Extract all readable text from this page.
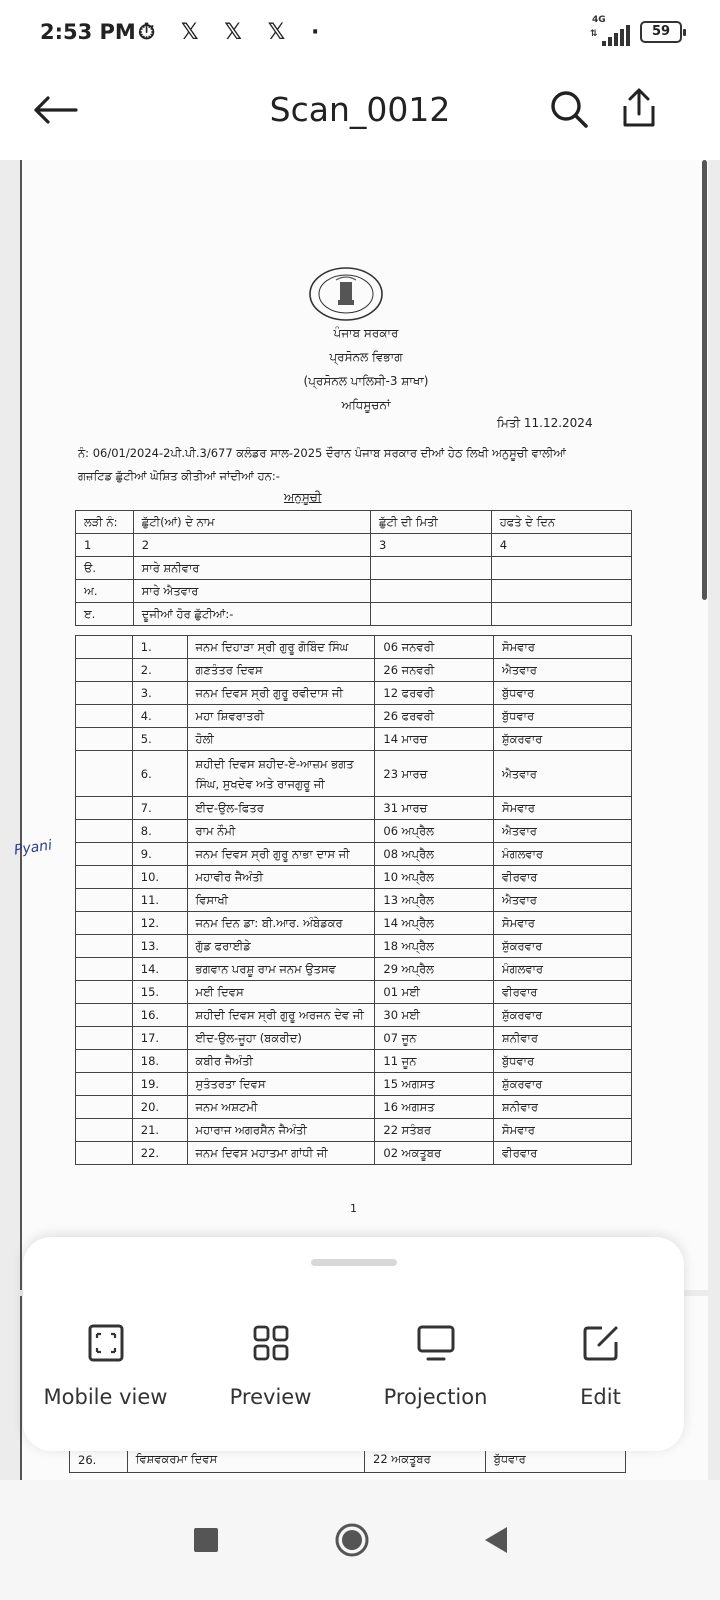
2:53 PM ⏱ 𝕏 𝕏 𝕏 ·	4G
⇅	59
Scan_0012
ਪੰਜਾਬ ਸਰਕਾਰ
ਪ੍ਰਸੋਨਲ ਵਿਭਾਗ
(ਪ੍ਰਸੋਨਲ ਪਾਲਿਸੀ-3 ਸ਼ਾਖਾ)
ਅਧਿਸੂਚਨਾਂ
ਮਿਤੀ 11.12.2024
ਨੰ: 06/01/2024-2ਪੀ.ਪੀ.3/677 ਕਲੰਡਰ ਸਾਲ-2025 ਦੌਰਾਨ ਪੰਜਾਬ ਸਰਕਾਰ ਦੀਆਂ ਹੇਠ ਲਿਖੀ ਅਨੁਸੂਚੀ ਵਾਲੀਆਂ
ਗਜ਼ਟਿਡ ਛੁੱਟੀਆਂ ਘੋਸ਼ਿਤ ਕੀਤੀਆਂ ਜਾਂਦੀਆਂ ਹਨ:-
ਅਨੁਸੂਚੀ
ਲੜੀ ਨੰ:	ਛੁੱਟੀ(ਆਂ) ਦੇ ਨਾਮ	ਛੁੱਟੀ ਦੀ ਮਿਤੀ	ਹਫਤੇ ਦੇ ਦਿਨ
1	2	3	4
ੳ.	ਸਾਰੇ ਸ਼ਨੀਵਾਰ		
ਅ.	ਸਾਰੇ ਐਤਵਾਰ		
ੲ.	ਦੂਜੀਆਂ ਹੋਰ ਛੁੱਟੀਆਂ:-		
	1.	ਜਨਮ ਦਿਹਾੜਾ ਸ੍ਰੀ ਗੁਰੂ ਗੋਬਿੰਦ ਸਿੰਘ	06 ਜਨਵਰੀ	ਸੋਮਵਾਰ
	2.	ਗਣਤੰਤਰ ਦਿਵਸ	26 ਜਨਵਰੀ	ਐਤਵਾਰ
	3.	ਜਨਮ ਦਿਵਸ ਸ੍ਰੀ ਗੁਰੂ ਰਵੀਦਾਸ ਜੀ	12 ਫਰਵਰੀ	ਬੁੱਧਵਾਰ
	4.	ਮਹਾ ਸ਼ਿਵਰਾਤਰੀ	26 ਫਰਵਰੀ	ਬੁੱਧਵਾਰ
	5.	ਹੋਲੀ	14 ਮਾਰਚ	ਸ਼ੁੱਕਰਵਾਰ
	6.	ਸ਼ਹੀਦੀ ਦਿਵਸ ਸ਼ਹੀਦ-ਏ-ਆਜ਼ਮ ਭਗਤ ਸਿੰਘ, ਸੁਖਦੇਵ ਅਤੇ ਰਾਜਗੁਰੂ ਜੀ	23 ਮਾਰਚ	ਐਤਵਾਰ
	7.	ਈਦ-ਉਲ-ਫਿਤਰ	31 ਮਾਰਚ	ਸੋਮਵਾਰ
	8.	ਰਾਮ ਨੌਮੀ	06 ਅਪ੍ਰੈਲ	ਐਤਵਾਰ
	9.	ਜਨਮ ਦਿਵਸ ਸ੍ਰੀ ਗੁਰੂ ਨਾਭਾ ਦਾਸ ਜੀ	08 ਅਪ੍ਰੈਲ	ਮੰਗਲਵਾਰ
	10.	ਮਹਾਵੀਰ ਜੈਅੰਤੀ	10 ਅਪ੍ਰੈਲ	ਵੀਰਵਾਰ
	11.	ਵਿਸਾਖੀ	13 ਅਪ੍ਰੈਲ	ਐਤਵਾਰ
	12.	ਜਨਮ ਦਿਨ ਡਾ: ਬੀ.ਆਰ. ਅੰਬੇਡਕਰ	14 ਅਪ੍ਰੈਲ	ਸੋਮਵਾਰ
	13.	ਗੁੱਡ ਫਰਾਈਡੇ	18 ਅਪ੍ਰੈਲ	ਸ਼ੁੱਕਰਵਾਰ
	14.	ਭਗਵਾਨ ਪਰਸ਼ੂ ਰਾਮ ਜਨਮ ਉਤਸਵ	29 ਅਪ੍ਰੈਲ	ਮੰਗਲਵਾਰ
	15.	ਮਈ ਦਿਵਸ	01 ਮਈ	ਵੀਰਵਾਰ
	16.	ਸ਼ਹੀਦੀ ਦਿਵਸ ਸ੍ਰੀ ਗੁਰੂ ਅਰਜਨ ਦੇਵ ਜੀ	30 ਮਈ	ਸ਼ੁੱਕਰਵਾਰ
	17.	ਈਦ-ਉਲ-ਜੂਹਾ (ਬਕਰੀਦ)	07 ਜੂਨ	ਸ਼ਨੀਵਾਰ
	18.	ਕਬੀਰ ਜੈਅੰਤੀ	11 ਜੂਨ	ਬੁੱਧਵਾਰ
	19.	ਸੁਤੰਤਰਤਾ ਦਿਵਸ	15 ਅਗਸਤ	ਸ਼ੁੱਕਰਵਾਰ
	20.	ਜਨਮ ਅਸ਼ਟਮੀ	16 ਅਗਸਤ	ਸ਼ਨੀਵਾਰ
	21.	ਮਹਾਰਾਜ ਅਗਰਸੈਨ ਜੈਅੰਤੀ	22 ਸਤੰਬਰ	ਸੋਮਵਾਰ
	22.	ਜਨਮ ਦਿਵਸ ਮਹਾਤਮਾ ਗਾਂਧੀ ਜੀ	02 ਅਕਤੂਬਰ	ਵੀਰਵਾਰ
Pyani
1
26.	ਵਿਸ਼ਵਕਰਮਾ ਦਿਵਸ	22 ਅਕਤੂਬਰ	ਬੁੱਧਵਾਰ
Mobile view	Preview	Projection	Edit
